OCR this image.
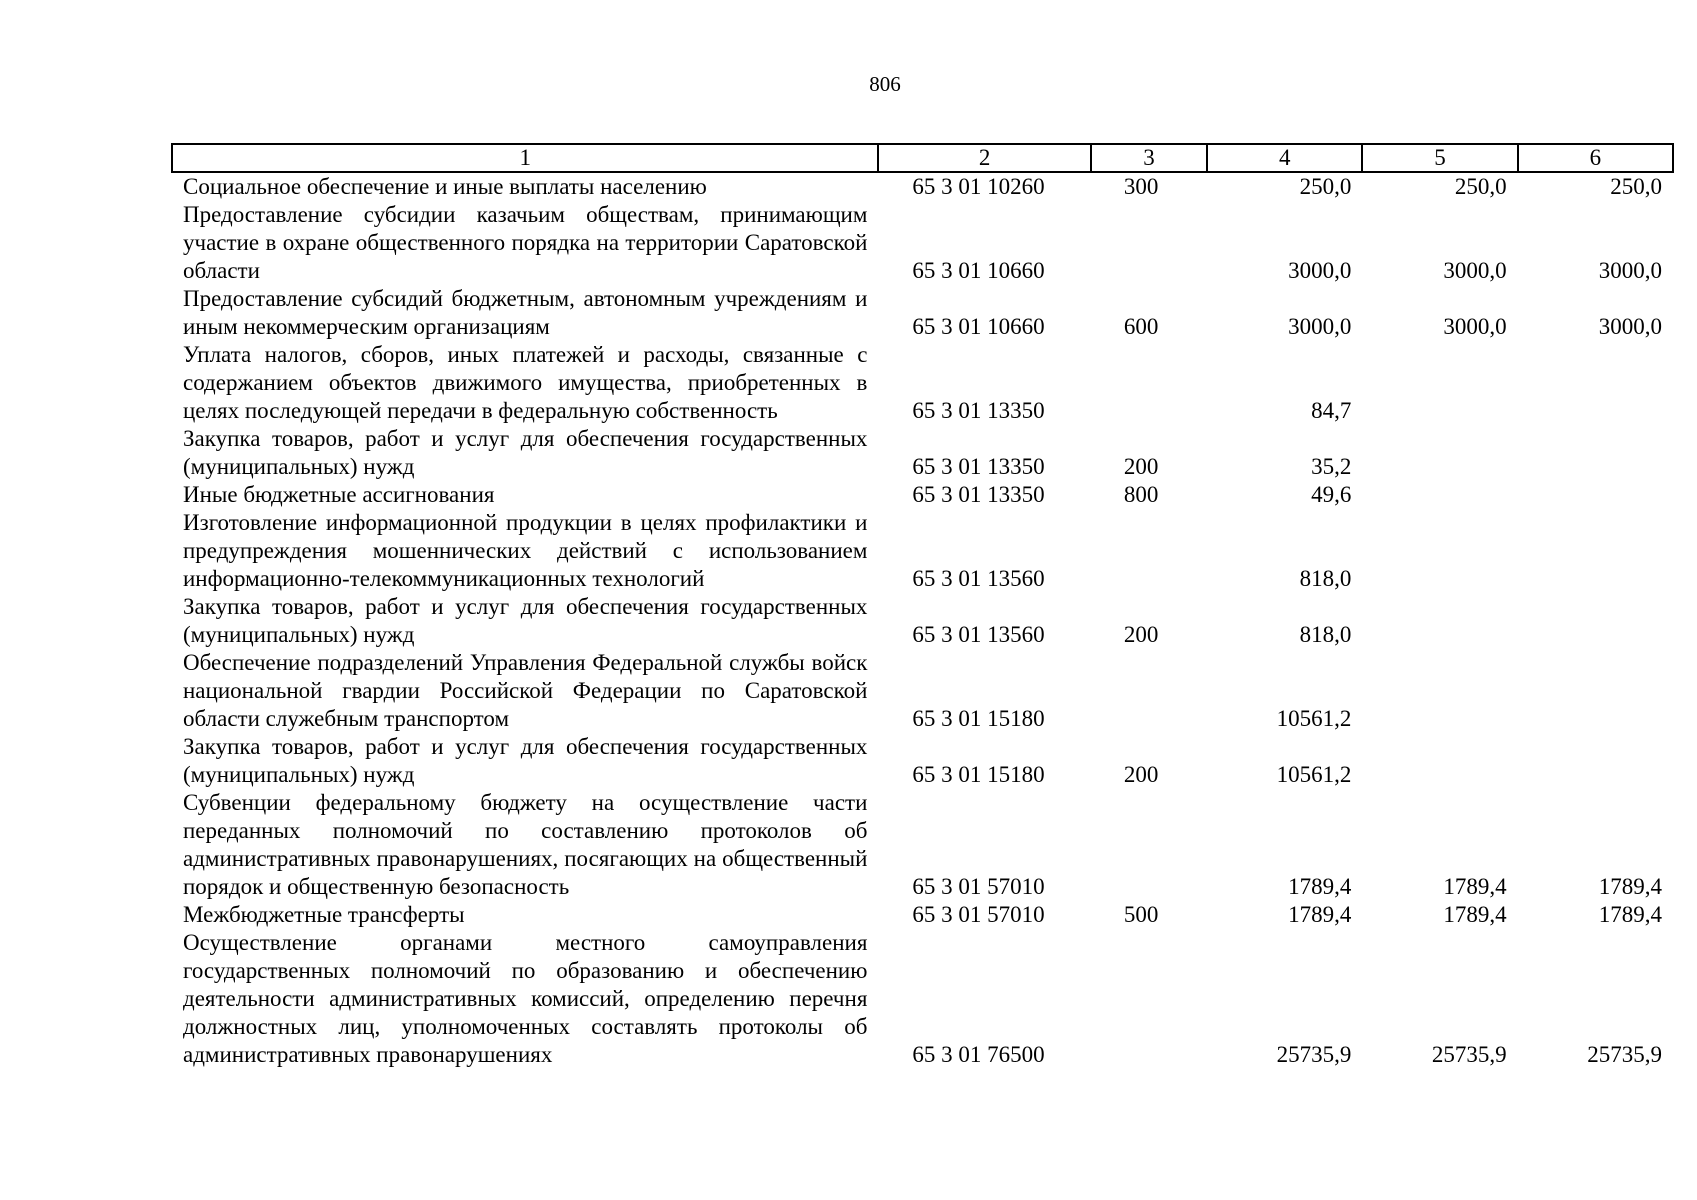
806
1	2	3	4	5	6
Социальное обеспечение и иные выплаты населению	65 3 01 10260	300	250,0	250,0	250,0
Предоставление субсидии казачьим обществам, принимающим участие в охране общественного порядка на территории Саратовской области	65 3 01 10660		3000,0	3000,0	3000,0
Предоставление субсидий бюджетным, автономным учреждениям и иным некоммерческим организациям	65 3 01 10660	600	3000,0	3000,0	3000,0
Уплата налогов, сборов, иных платежей и расходы, связанные с содержанием объектов движимого имущества, приобретенных в целях последующей передачи в федеральную собственность	65 3 01 13350		84,7		
Закупка товаров, работ и услуг для обеспечения государственных (муниципальных) нужд	65 3 01 13350	200	35,2		
Иные бюджетные ассигнования	65 3 01 13350	800	49,6		
Изготовление информационной продукции в целях профилактики и предупреждения мошеннических действий с использованием информационно-телекоммуникационных технологий	65 3 01 13560		818,0		
Закупка товаров, работ и услуг для обеспечения государственных (муниципальных) нужд	65 3 01 13560	200	818,0		
Обеспечение подразделений Управления Федеральной службы войск национальной гвардии Российской Федерации по Саратовской области служебным транспортом	65 3 01 15180		10561,2		
Закупка товаров, работ и услуг для обеспечения государственных (муниципальных) нужд	65 3 01 15180	200	10561,2		
Субвенции федеральному бюджету на осуществление части переданных полномочий по составлению протоколов об административных правонарушениях, посягающих на общественный порядок и общественную безопасность	65 3 01 57010		1789,4	1789,4	1789,4
Межбюджетные трансферты	65 3 01 57010	500	1789,4	1789,4	1789,4
Осуществление органами местного самоуправления государственных полномочий по образованию и обеспечению деятельности административных комиссий, определению перечня должностных лиц, уполномоченных составлять протоколы об административных правонарушениях	65 3 01 76500		25735,9	25735,9	25735,9
